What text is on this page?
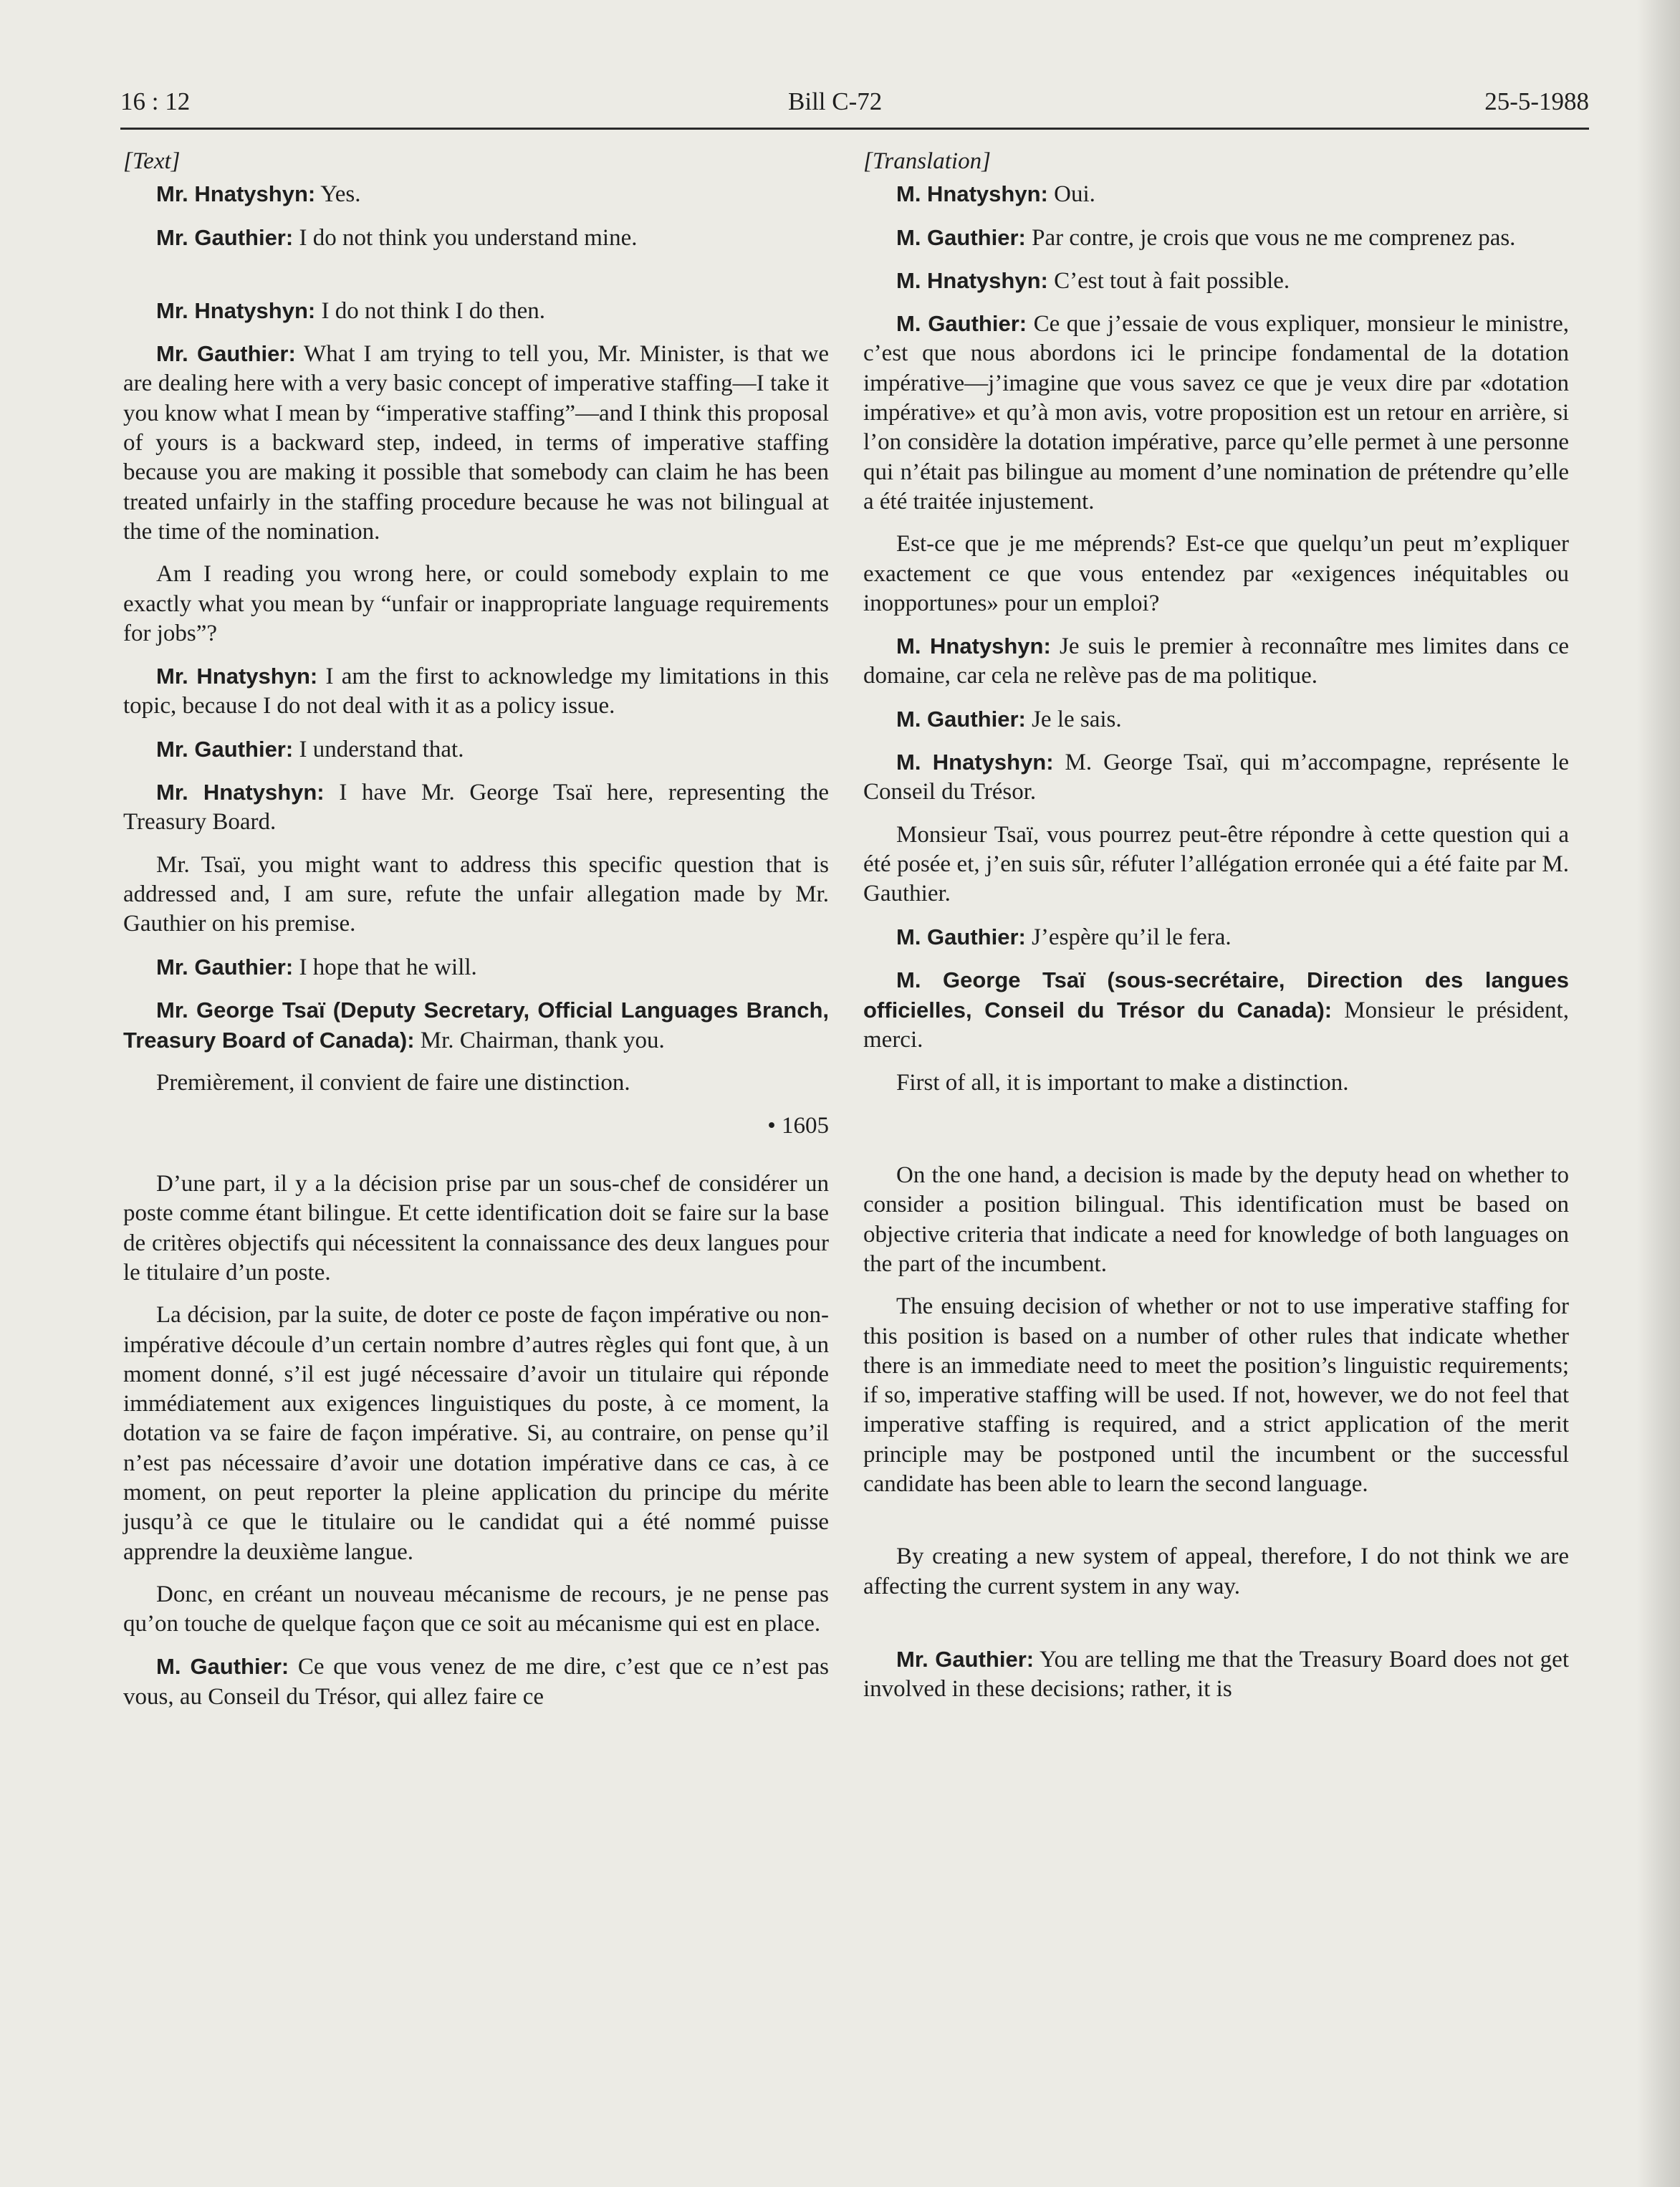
16 : 12	Bill C-72	25-5-1988

[Text]

Mr. Hnatyshyn: Yes.

Mr. Gauthier: I do not think you understand mine.

Mr. Hnatyshyn: I do not think I do then.

Mr. Gauthier: What I am trying to tell you, Mr. Minister, is that we are dealing here with a very basic concept of imperative staffing—I take it you know what I mean by “imperative staffing”—and I think this proposal of yours is a backward step, indeed, in terms of imperative staffing because you are making it possible that somebody can claim he has been treated unfairly in the staffing procedure because he was not bilingual at the time of the nomination.

Am I reading you wrong here, or could somebody explain to me exactly what you mean by “unfair or inappropriate language requirements for jobs”?

Mr. Hnatyshyn: I am the first to acknowledge my limitations in this topic, because I do not deal with it as a policy issue.

Mr. Gauthier: I understand that.

Mr. Hnatyshyn: I have Mr. George Tsaï here, representing the Treasury Board.

Mr. Tsaï, you might want to address this specific question that is addressed and, I am sure, refute the unfair allegation made by Mr. Gauthier on his premise.

Mr. Gauthier: I hope that he will.

Mr. George Tsaï (Deputy Secretary, Official Languages Branch, Treasury Board of Canada): Mr. Chairman, thank you.

Premièrement, il convient de faire une distinction.

• 1605

D’une part, il y a la décision prise par un sous-chef de considérer un poste comme étant bilingue. Et cette identification doit se faire sur la base de critères objectifs qui nécessitent la connaissance des deux langues pour le titulaire d’un poste.

La décision, par la suite, de doter ce poste de façon impérative ou non-impérative découle d’un certain nombre d’autres règles qui font que, à un moment donné, s’il est jugé nécessaire d’avoir un titulaire qui réponde immédiatement aux exigences linguistiques du poste, à ce moment, la dotation va se faire de façon impérative. Si, au contraire, on pense qu’il n’est pas nécessaire d’avoir une dotation impérative dans ce cas, à ce moment, on peut reporter la pleine application du principe du mérite jusqu’à ce que le titulaire ou le candidat qui a été nommé puisse apprendre la deuxième langue.

Donc, en créant un nouveau mécanisme de recours, je ne pense pas qu’on touche de quelque façon que ce soit au mécanisme qui est en place.

M. Gauthier: Ce que vous venez de me dire, c’est que ce n’est pas vous, au Conseil du Trésor, qui allez faire ce

[Translation]

M. Hnatyshyn: Oui.

M. Gauthier: Par contre, je crois que vous ne me comprenez pas.

M. Hnatyshyn: C’est tout à fait possible.

M. Gauthier: Ce que j’essaie de vous expliquer, monsieur le ministre, c’est que nous abordons ici le principe fondamental de la dotation impérative—j’imagine que vous savez ce que je veux dire par «dotation impérative» et qu’à mon avis, votre proposition est un retour en arrière, si l’on considère la dotation impérative, parce qu’elle permet à une personne qui n’était pas bilingue au moment d’une nomination de prétendre qu’elle a été traitée injustement.

Est-ce que je me méprends? Est-ce que quelqu’un peut m’expliquer exactement ce que vous entendez par «exigences inéquitables ou inopportunes» pour un emploi?

M. Hnatyshyn: Je suis le premier à reconnaître mes limites dans ce domaine, car cela ne relève pas de ma politique.

M. Gauthier: Je le sais.

M. Hnatyshyn: M. George Tsaï, qui m’accompagne, représente le Conseil du Trésor.

Monsieur Tsaï, vous pourrez peut-être répondre à cette question qui a été posée et, j’en suis sûr, réfuter l’allégation erronée qui a été faite par M. Gauthier.

M. Gauthier: J’espère qu’il le fera.

M. George Tsaï (sous-secrétaire, Direction des langues officielles, Conseil du Trésor du Canada): Monsieur le président, merci.

First of all, it is important to make a distinction.

On the one hand, a decision is made by the deputy head on whether to consider a position bilingual. This identification must be based on objective criteria that indicate a need for knowledge of both languages on the part of the incumbent.

The ensuing decision of whether or not to use imperative staffing for this position is based on a number of other rules that indicate whether there is an immediate need to meet the position’s linguistic requirements; if so, imperative staffing will be used. If not, however, we do not feel that imperative staffing is required, and a strict application of the merit principle may be postponed until the incumbent or the successful candidate has been able to learn the second language.

By creating a new system of appeal, therefore, I do not think we are affecting the current system in any way.

Mr. Gauthier: You are telling me that the Treasury Board does not get involved in these decisions; rather, it is
